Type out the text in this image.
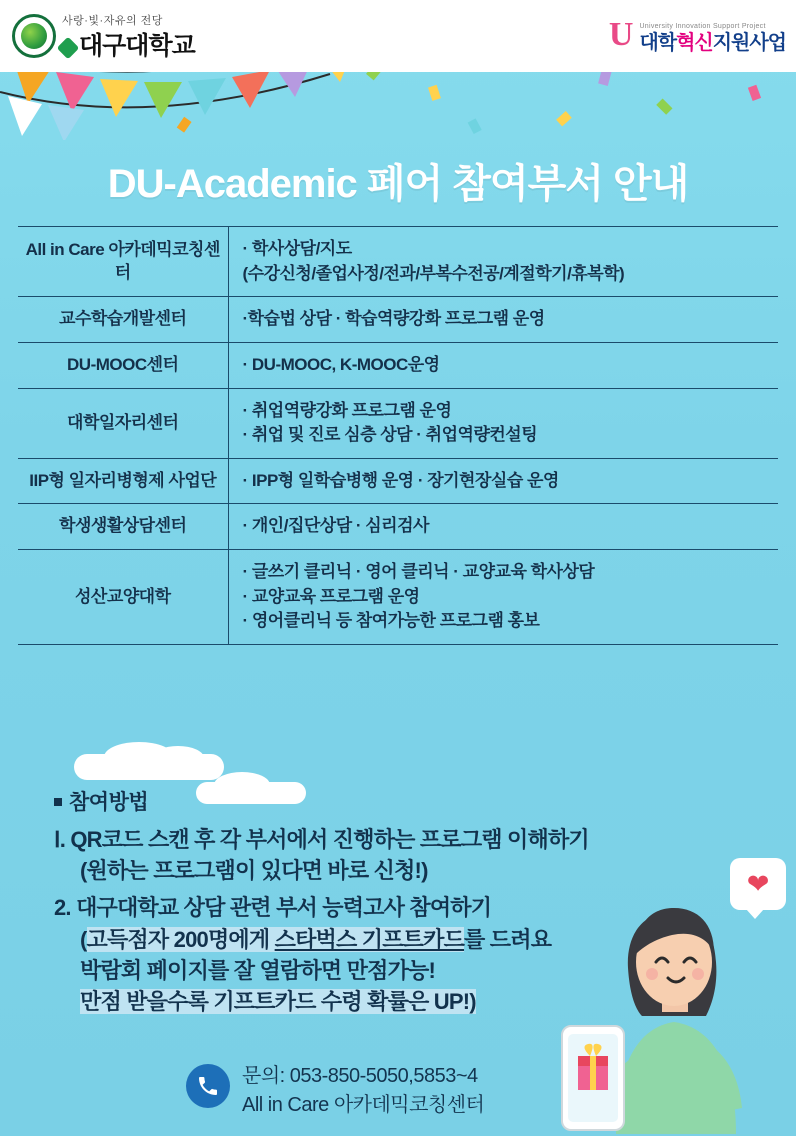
사랑·빛·자유의 전당
대구대학교	U University Innovation Support Project
대학혁신지원사업
DU-Academic 페어 참여부서 안내
All in Care 아카데믹코칭센터	· 학사상담/지도
(수강신청/졸업사정/전과/부복수전공/계절학기/휴복학)

교수학습개발센터	·학습법 상담 · 학습역량강화 프로그램 운영

DU-MOOC센터	· DU-MOOC, K-MOOC운영

대학일자리센터	· 취업역량강화 프로그램 운영
· 취업 및 진로 심층 상담 · 취업역량컨설팅

IIP형 일자리병형제 사업단	· IPP형 일학습병행 운영 · 장기현장실습 운영

학생생활상담센터	· 개인/집단상담 · 심리검사

성산교양대학	· 글쓰기 클리닉 · 영어 클리닉 · 교양교육 학사상담
· 교양교육 프로그램 운영
· 영어클리닉 등 참여가능한 프로그램 홍보
참여방법
Ⅰ. QR코드 스캔 후 각 부서에서 진행하는 프로그램 이해하기
(원하는 프로그램이 있다면 바로 신청!)
2. 대구대학교 상담 관련 부서 능력고사 참여하기
(고득점자 200명에게 스타벅스 기프트카드를 드려요
박람회 페이지를 잘 열람하면 만점가능!
만점 받을수록 기프트카드 수령 확률은 UP!)
❤
문의: 053-850-5050,5853~4
All in Care 아카데믹코칭센터
